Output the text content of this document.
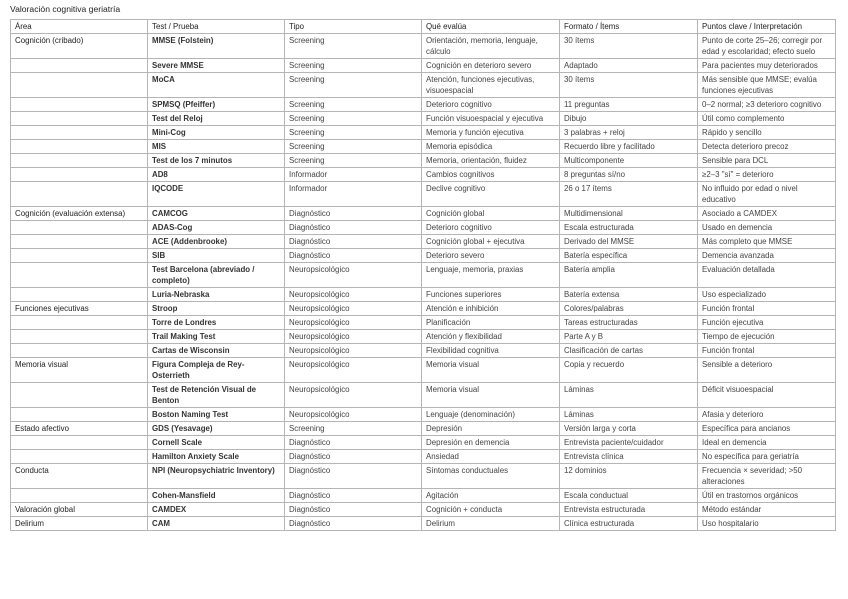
Valoración cognitiva geriatría
Área	Test / Prueba	Tipo	Qué evalúa	Formato / Ítems	Puntos clave / Interpretación
Cognición (cribado)	MMSE (Folstein)	Screening	Orientación, memoria, lenguaje, cálculo	30 ítems	Punto de corte 25–26; corregir por edad y escolaridad; efecto suelo
	Severe MMSE	Screening	Cognición en deterioro severo	Adaptado	Para pacientes muy deteriorados
	MoCA	Screening	Atención, funciones ejecutivas, visuoespacial	30 ítems	Más sensible que MMSE; evalúa funciones ejecutivas
	SPMSQ (Pfeiffer)	Screening	Deterioro cognitivo	11 preguntas	0–2 normal; ≥3 deterioro cognitivo
	Test del Reloj	Screening	Función visuoespacial y ejecutiva	Dibujo	Útil como complemento
	Mini-Cog	Screening	Memoria y función ejecutiva	3 palabras + reloj	Rápido y sencillo
	MIS	Screening	Memoria episódica	Recuerdo libre y facilitado	Detecta deterioro precoz
	Test de los 7 minutos	Screening	Memoria, orientación, fluidez	Multicomponente	Sensible para DCL
	AD8	Informador	Cambios cognitivos	8 preguntas sí/no	≥2–3 "sí" = deterioro
	IQCODE	Informador	Declive cognitivo	26 o 17 ítems	No influido por edad o nivel educativo
Cognición (evaluación extensa)	CAMCOG	Diagnóstico	Cognición global	Multidimensional	Asociado a CAMDEX
	ADAS-Cog	Diagnóstico	Deterioro cognitivo	Escala estructurada	Usado en demencia
	ACE (Addenbrooke)	Diagnóstico	Cognición global + ejecutiva	Derivado del MMSE	Más completo que MMSE
	SIB	Diagnóstico	Deterioro severo	Batería específica	Demencia avanzada
	Test Barcelona (abreviado / completo)	Neuropsicológico	Lenguaje, memoria, praxias	Batería amplia	Evaluación detallada
	Luria-Nebraska	Neuropsicológico	Funciones superiores	Batería extensa	Uso especializado
Funciones ejecutivas	Stroop	Neuropsicológico	Atención e inhibición	Colores/palabras	Función frontal
	Torre de Londres	Neuropsicológico	Planificación	Tareas estructuradas	Función ejecutiva
	Trail Making Test	Neuropsicológico	Atención y flexibilidad	Parte A y B	Tiempo de ejecución
	Cartas de Wisconsin	Neuropsicológico	Flexibilidad cognitiva	Clasificación de cartas	Función frontal
Memoria visual	Figura Compleja de Rey-Osterrieth	Neuropsicológico	Memoria visual	Copia y recuerdo	Sensible a deterioro
	Test de Retención Visual de Benton	Neuropsicológico	Memoria visual	Láminas	Déficit visuoespacial
	Boston Naming Test	Neuropsicológico	Lenguaje (denominación)	Láminas	Afasia y deterioro
Estado afectivo	GDS (Yesavage)	Screening	Depresión	Versión larga y corta	Específica para ancianos
	Cornell Scale	Diagnóstico	Depresión en demencia	Entrevista paciente/cuidador	Ideal en demencia
	Hamilton Anxiety Scale	Diagnóstico	Ansiedad	Entrevista clínica	No específica para geriatría
Conducta	NPI (Neuropsychiatric Inventory)	Diagnóstico	Síntomas conductuales	12 dominios	Frecuencia × severidad; >50 alteraciones
	Cohen-Mansfield	Diagnóstico	Agitación	Escala conductual	Útil en trastornos orgánicos
Valoración global	CAMDEX	Diagnóstico	Cognición + conducta	Entrevista estructurada	Método estándar
Delirium	CAM	Diagnóstico	Delirium	Clínica estructurada	Uso hospitalario
